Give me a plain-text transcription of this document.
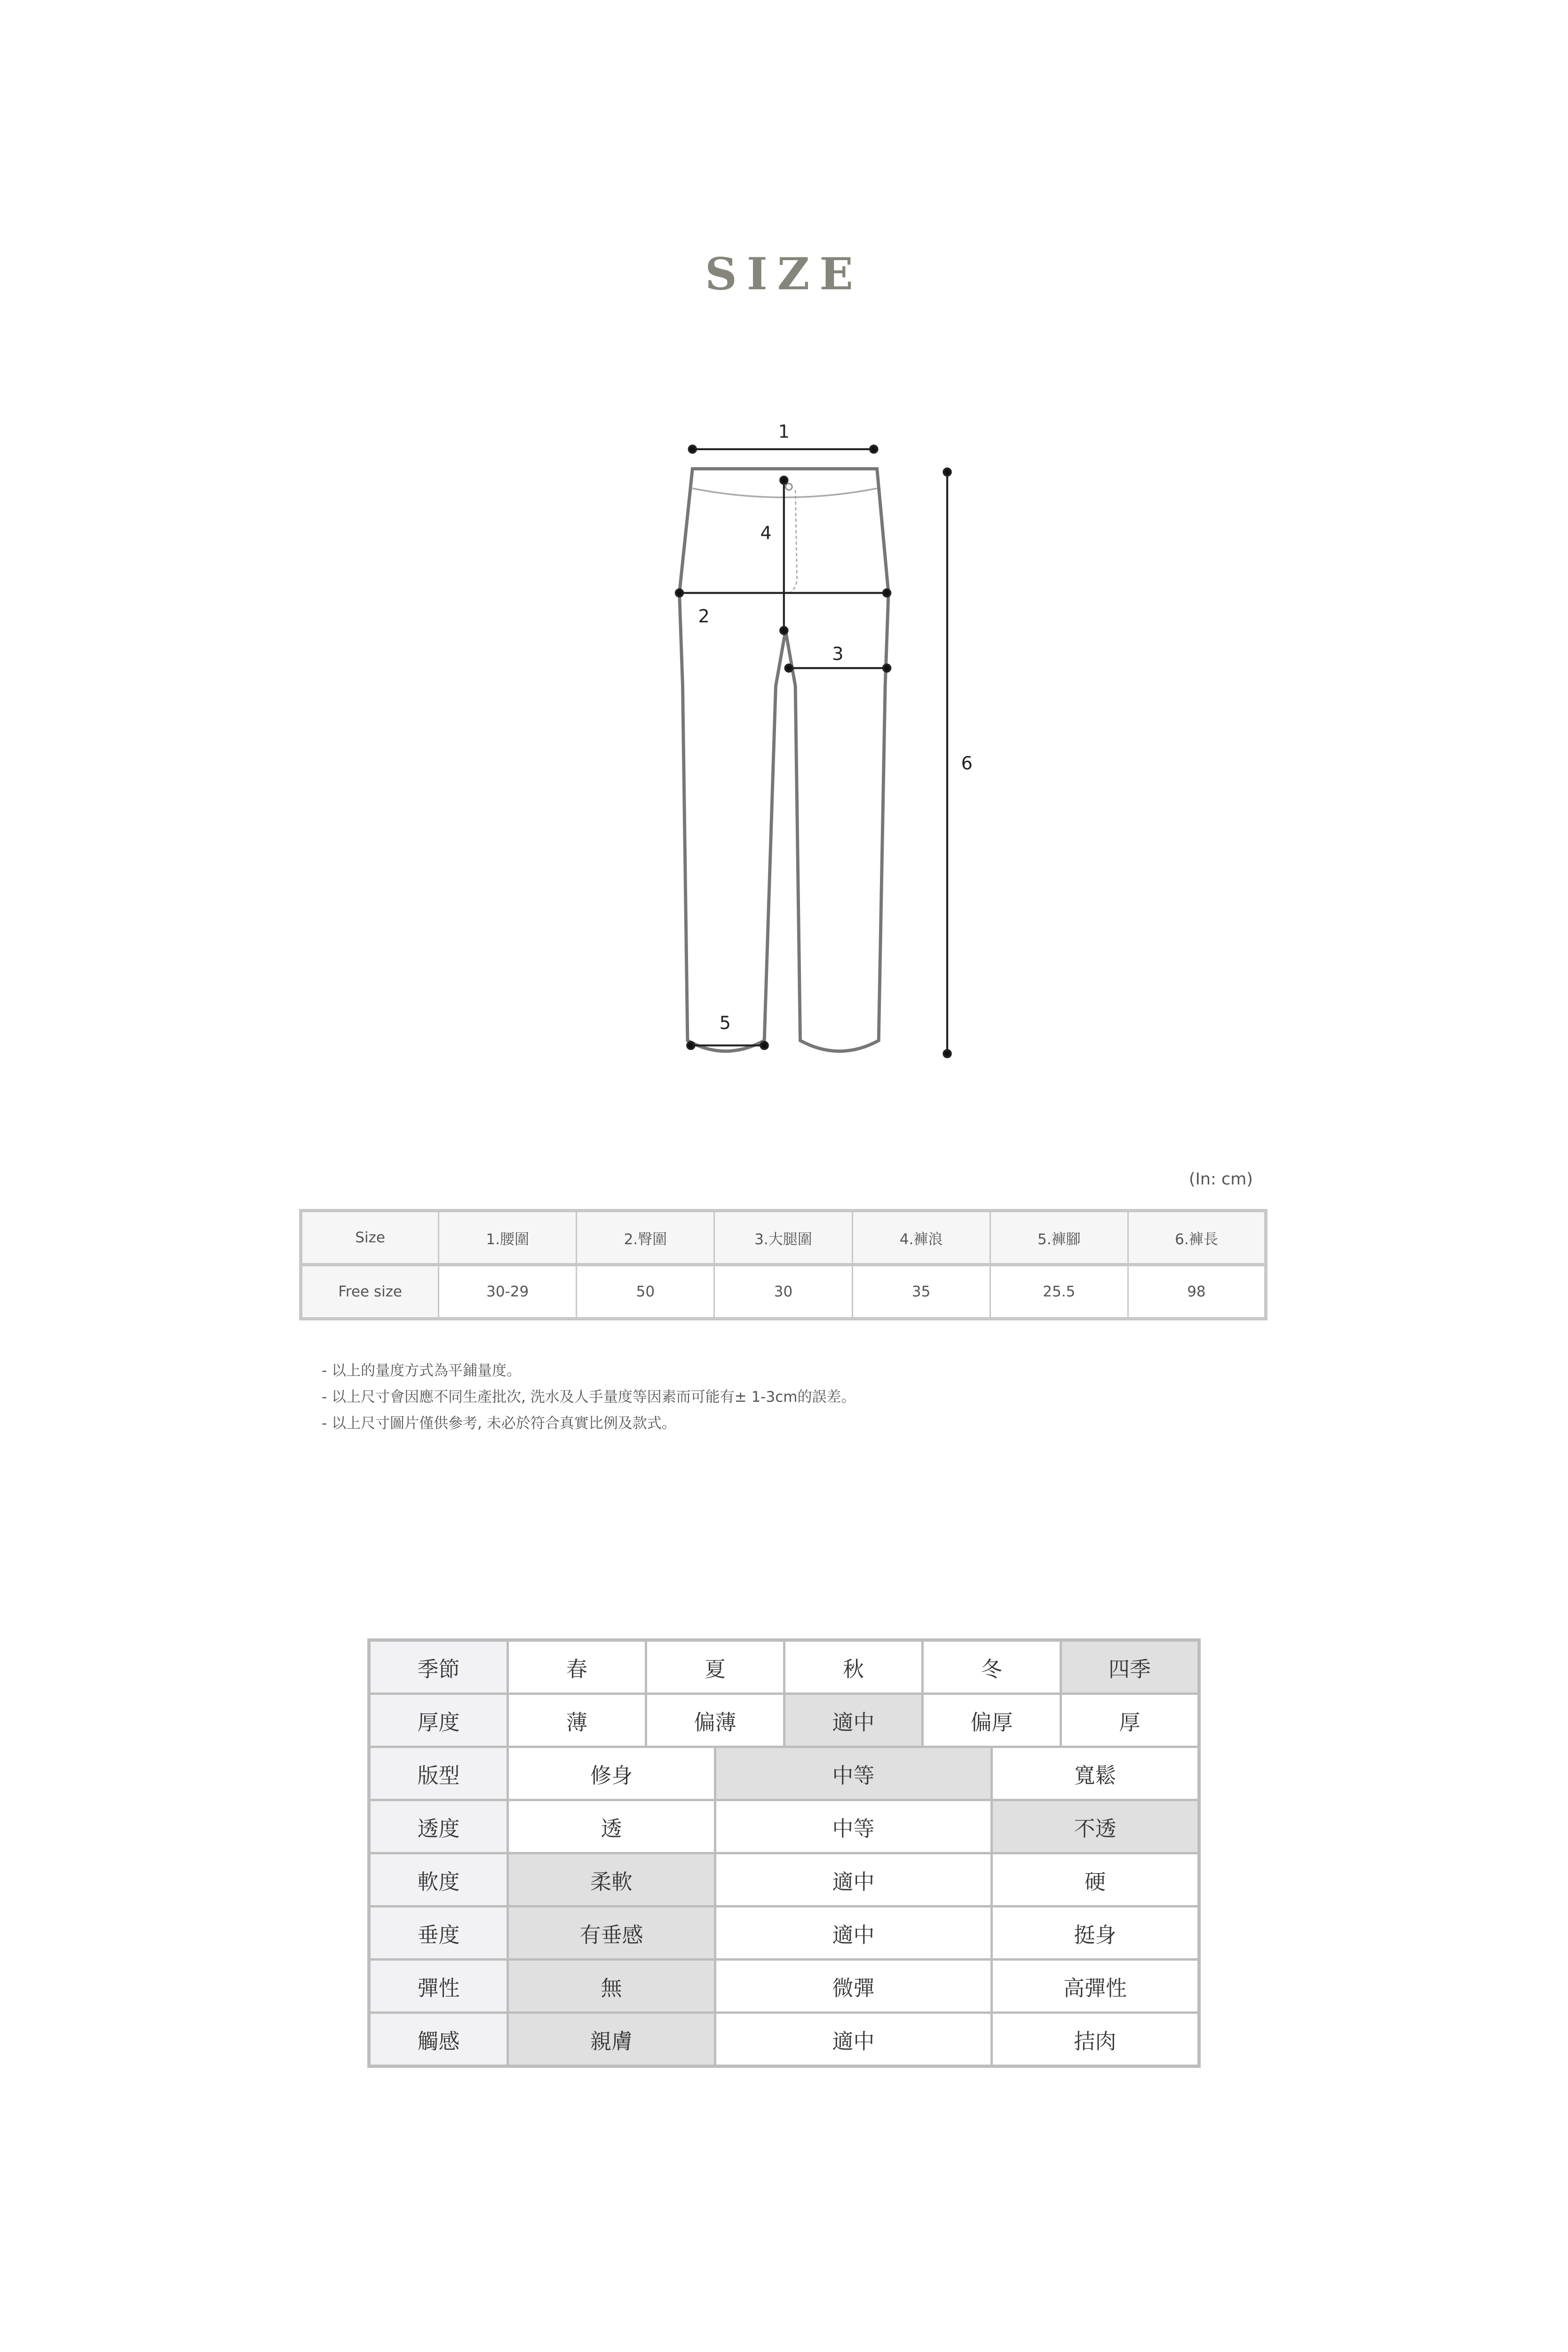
SIZE
1
2
3
4
5
6
(In: cm)
Size	1.腰圍	2.臀圍	3.大腿圍	4.褲浪	5.褲腳	6.褲長
Free size	30-29	50	30	35	25.5	98
- 以上的量度方式為平鋪量度。
- 以上尺寸會因應不同生產批次, 洗水及人手量度等因素而可能有± 1-3cm的誤差。
- 以上尺寸圖片僅供參考, 未必於符合真實比例及款式。
季節	春	夏		秋	冬		四季
厚度	薄	偏薄		適中	偏厚		厚
版型	修身		中等			寬鬆	
透度	透		中等			不透	
軟度	柔軟		適中			硬	
垂度	有垂感		適中			挺身	
彈性	無		微彈			高彈性	
觸感	親膚		適中			拮肉	
